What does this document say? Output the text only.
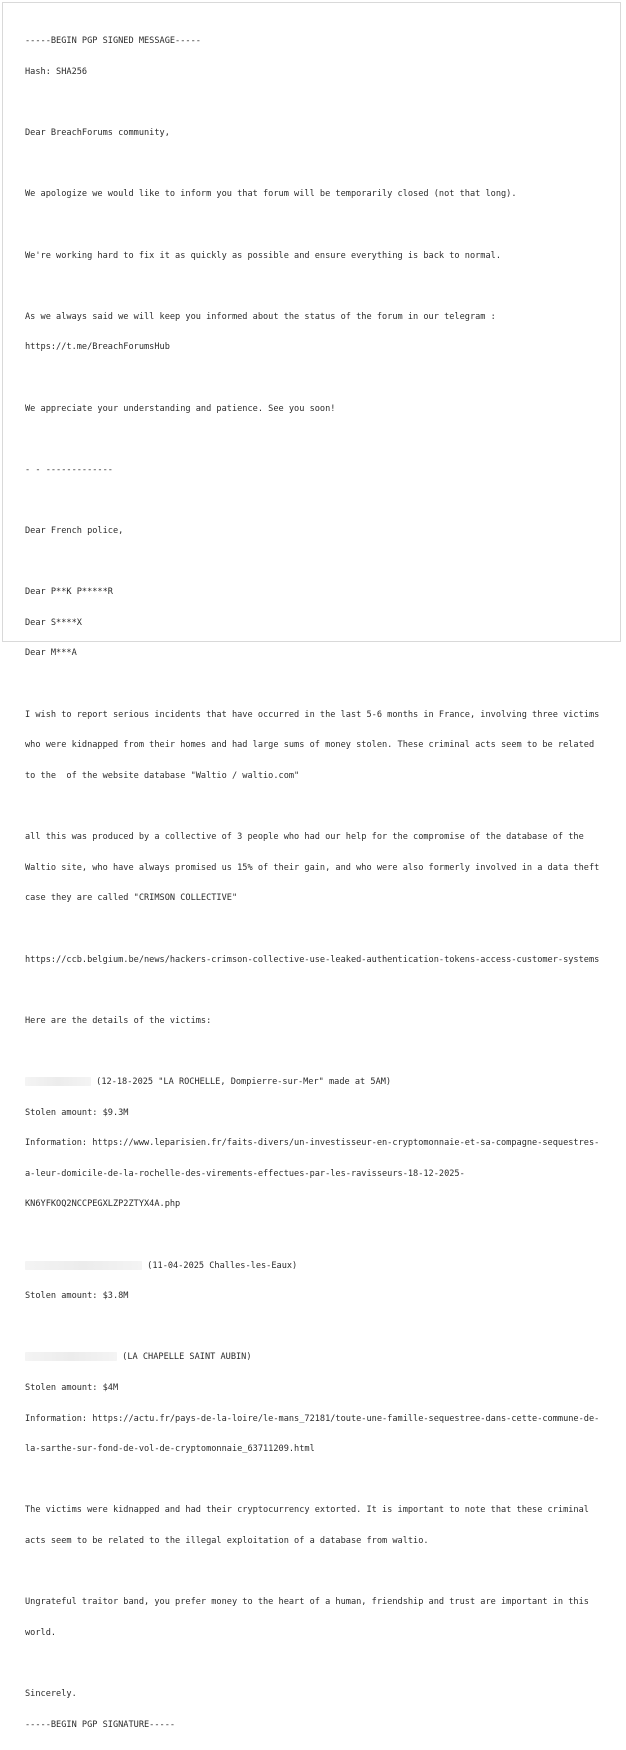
-----BEGIN PGP SIGNED MESSAGE-----

Hash: SHA256

Dear BreachForums community,

We apologize we would like to inform you that forum will be temporarily closed (not that long).

We're working hard to fix it as quickly as possible and ensure everything is back to normal.

As we always said we will keep you informed about the status of the forum in our telegram :

https://t.me/BreachForumsHub

We appreciate your understanding and patience. See you soon!

- - -------------

Dear French police,

Dear P**K P*****R

Dear S****X

Dear M***A

I wish to report serious incidents that have occurred in the last 5-6 months in France, involving three victims

who were kidnapped from their homes and had large sums of money stolen. These criminal acts seem to be related

to the  of the website database "Waltio / waltio.com"

all this was produced by a collective of 3 people who had our help for the compromise of the database of the

Waltio site, who have always promised us 15% of their gain, and who were also formerly involved in a data theft

case they are called "CRIMSON COLLECTIVE"

https://ccb.belgium.be/news/hackers-crimson-collective-use-leaked-authentication-tokens-access-customer-systems

Here are the details of the victims:

(12-18-2025 "LA ROCHELLE, Dompierre-sur-Mer" made at 5AM)

Stolen amount: $9.3M

Information: https://www.leparisien.fr/faits-divers/un-investisseur-en-cryptomonnaie-et-sa-compagne-sequestres-

a-leur-domicile-de-la-rochelle-des-virements-effectues-par-les-ravisseurs-18-12-2025-

KN6YFKOQ2NCCPEGXLZP2ZTYX4A.php

(11-04-2025 Challes-les-Eaux)

Stolen amount: $3.8M

(LA CHAPELLE SAINT AUBIN)

Stolen amount: $4M

Information: https://actu.fr/pays-de-la-loire/le-mans_72181/toute-une-famille-sequestree-dans-cette-commune-de-

la-sarthe-sur-fond-de-vol-de-cryptomonnaie_63711209.html

The victims were kidnapped and had their cryptocurrency extorted. It is important to note that these criminal

acts seem to be related to the illegal exploitation of a database from waltio.

Ungrateful traitor band, you prefer money to the heart of a human, friendship and trust are important in this

world.

Sincerely.

-----BEGIN PGP SIGNATURE-----
